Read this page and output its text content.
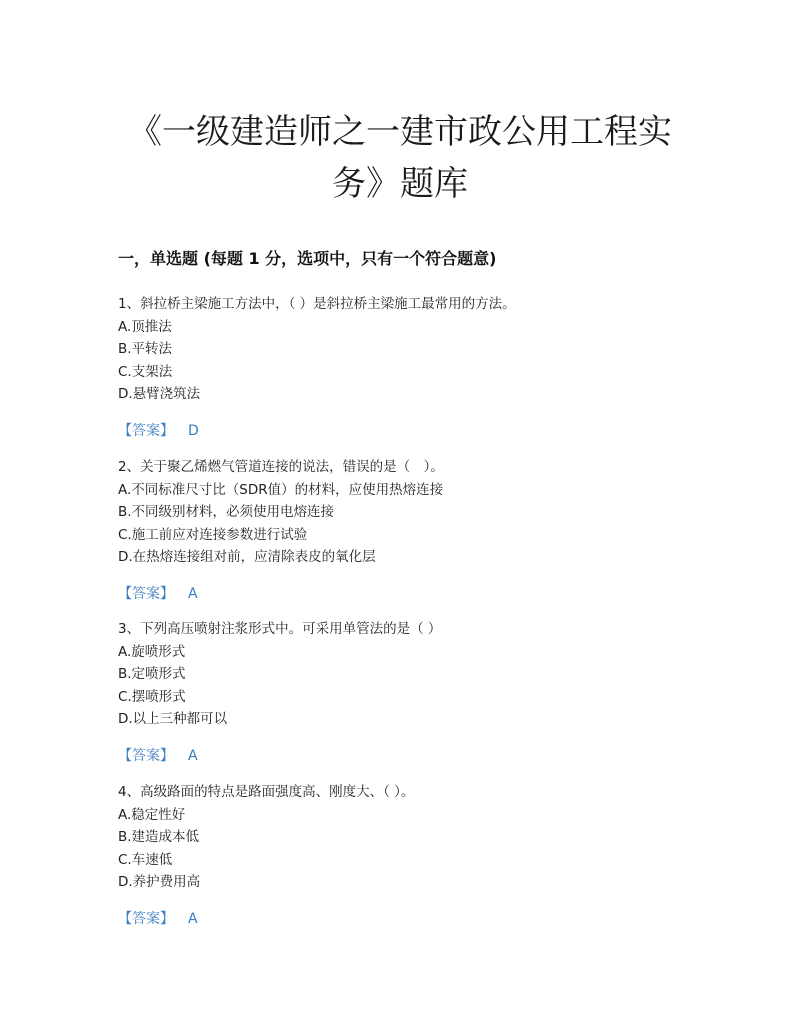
《一级建造师之一建市政公用工程实
务》题库
一，单选题 (每题 1 分，选项中，只有一个符合题意)
1、斜拉桥主梁施工方法中，（ ）是斜拉桥主梁施工最常用的方法。
A.顶推法
B.平转法
C.支架法
D.悬臂浇筑法
【答案】 D
2、关于聚乙烯燃气管道连接的说法，错误的是（　）。
A.不同标准尺寸比（SDR值）的材料，应使用热熔连接
B.不同级别材料，必须使用电熔连接
C.施工前应对连接参数进行试验
D.在热熔连接组对前，应清除表皮的氧化层
【答案】 A
3、下列高压喷射注浆形式中。可采用单管法的是（ ）
A.旋喷形式
B.定喷形式
C.摆喷形式
D.以上三种都可以
【答案】 A
4、高级路面的特点是路面强度高、刚度大、（ ）。
A.稳定性好
B.建造成本低
C.车速低
D.养护费用高
【答案】 A
